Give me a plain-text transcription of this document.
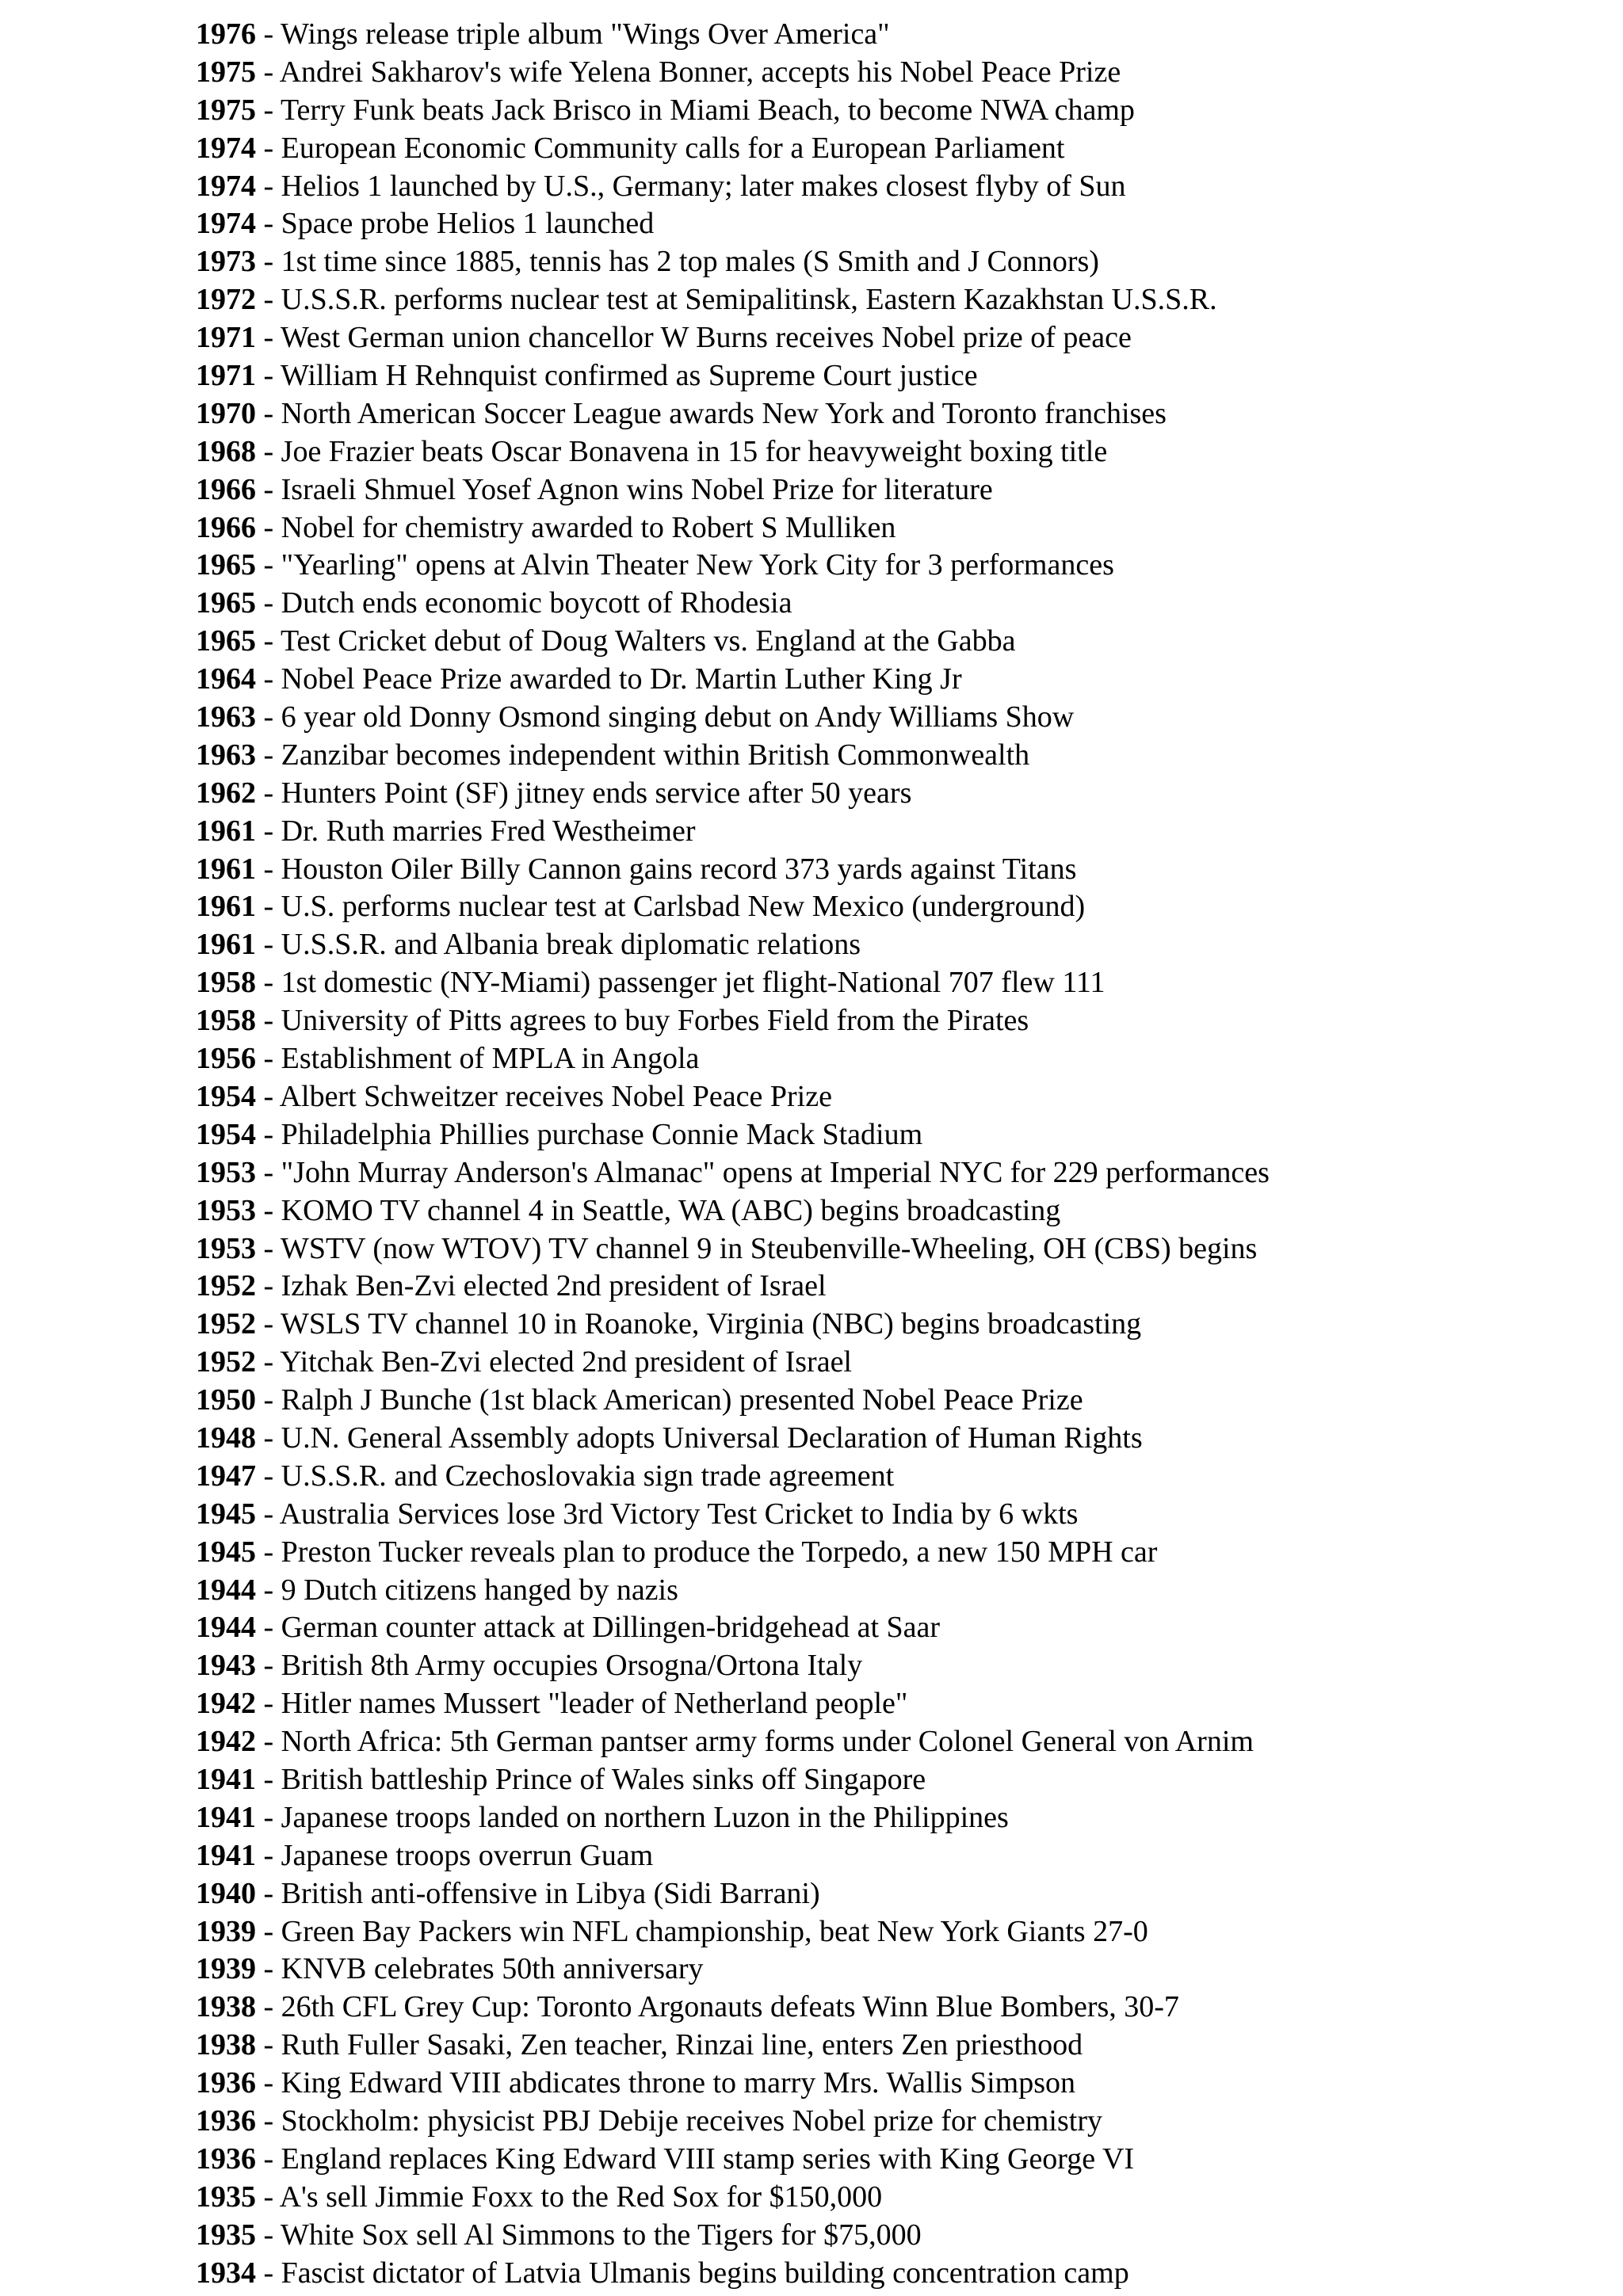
1976 - Wings release triple album "Wings Over America"
1975 - Andrei Sakharov's wife Yelena Bonner, accepts his Nobel Peace Prize
1975 - Terry Funk beats Jack Brisco in Miami Beach, to become NWA champ
1974 - European Economic Community calls for a European Parliament
1974 - Helios 1 launched by U.S., Germany; later makes closest flyby of Sun
1974 - Space probe Helios 1 launched
1973 - 1st time since 1885, tennis has 2 top males (S Smith and J Connors)
1972 - U.S.S.R. performs nuclear test at Semipalitinsk, Eastern Kazakhstan U.S.S.R.
1971 - West German union chancellor W Burns receives Nobel prize of peace
1971 - William H Rehnquist confirmed as Supreme Court justice
1970 - North American Soccer League awards New York and Toronto franchises
1968 - Joe Frazier beats Oscar Bonavena in 15 for heavyweight boxing title
1966 - Israeli Shmuel Yosef Agnon wins Nobel Prize for literature
1966 - Nobel for chemistry awarded to Robert S Mulliken
1965 - "Yearling" opens at Alvin Theater New York City for 3 performances
1965 - Dutch ends economic boycott of Rhodesia
1965 - Test Cricket debut of Doug Walters vs. England at the Gabba
1964 - Nobel Peace Prize awarded to Dr. Martin Luther King Jr
1963 - 6 year old Donny Osmond singing debut on Andy Williams Show
1963 - Zanzibar becomes independent within British Commonwealth
1962 - Hunters Point (SF) jitney ends service after 50 years
1961 - Dr. Ruth marries Fred Westheimer
1961 - Houston Oiler Billy Cannon gains record 373 yards against Titans
1961 - U.S. performs nuclear test at Carlsbad New Mexico (underground)
1961 - U.S.S.R. and Albania break diplomatic relations
1958 - 1st domestic (NY-Miami) passenger jet flight-National 707 flew 111
1958 - University of Pitts agrees to buy Forbes Field from the Pirates
1956 - Establishment of MPLA in Angola
1954 - Albert Schweitzer receives Nobel Peace Prize
1954 - Philadelphia Phillies purchase Connie Mack Stadium
1953 - "John Murray Anderson's Almanac" opens at Imperial NYC for 229 performances
1953 - KOMO TV channel 4 in Seattle, WA (ABC) begins broadcasting
1953 - WSTV (now WTOV) TV channel 9 in Steubenville-Wheeling, OH (CBS) begins
1952 - Izhak Ben-Zvi elected 2nd president of Israel
1952 - WSLS TV channel 10 in Roanoke, Virginia (NBC) begins broadcasting
1952 - Yitchak Ben-Zvi elected 2nd president of Israel
1950 - Ralph J Bunche (1st black American) presented Nobel Peace Prize
1948 - U.N. General Assembly adopts Universal Declaration of Human Rights
1947 - U.S.S.R. and Czechoslovakia sign trade agreement
1945 - Australia Services lose 3rd Victory Test Cricket to India by 6 wkts
1945 - Preston Tucker reveals plan to produce the Torpedo, a new 150 MPH car
1944 - 9 Dutch citizens hanged by nazis
1944 - German counter attack at Dillingen-bridgehead at Saar
1943 - British 8th Army occupies Orsogna/Ortona Italy
1942 - Hitler names Mussert "leader of Netherland people"
1942 - North Africa: 5th German pantser army forms under Colonel General von Arnim
1941 - British battleship Prince of Wales sinks off Singapore
1941 - Japanese troops landed on northern Luzon in the Philippines
1941 - Japanese troops overrun Guam
1940 - British anti-offensive in Libya (Sidi Barrani)
1939 - Green Bay Packers win NFL championship, beat New York Giants 27-0
1939 - KNVB celebrates 50th anniversary
1938 - 26th CFL Grey Cup: Toronto Argonauts defeats Winn Blue Bombers, 30-7
1938 - Ruth Fuller Sasaki, Zen teacher, Rinzai line, enters Zen priesthood
1936 - King Edward VIII abdicates throne to marry Mrs. Wallis Simpson
1936 - Stockholm: physicist PBJ Debije receives Nobel prize for chemistry
1936 - England replaces King Edward VIII stamp series with King George VI
1935 - A's sell Jimmie Foxx to the Red Sox for $150,000
1935 - White Sox sell Al Simmons to the Tigers for $75,000
1934 - Fascist dictator of Latvia Ulmanis begins building concentration camp
